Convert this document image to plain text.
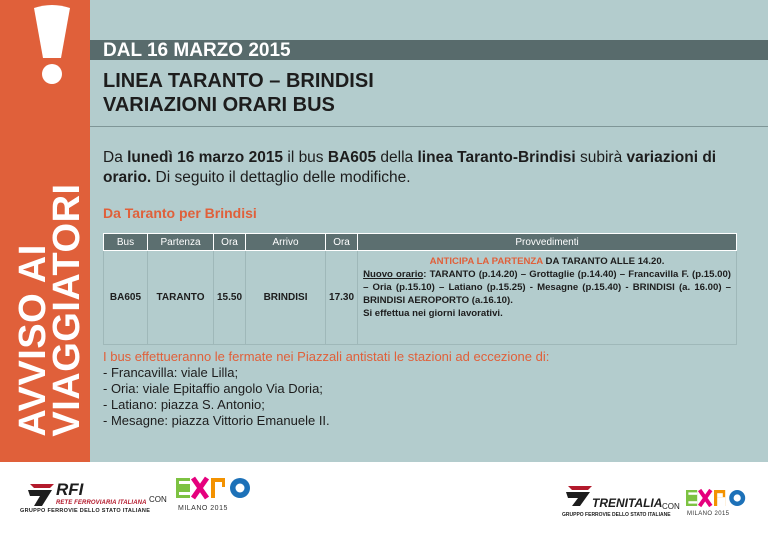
AVVISO AI
VIAGGIATORI
DAL 16 MARZO 2015
LINEA TARANTO – BRINDISI
VARIAZIONI ORARI BUS
Da lunedì 16 marzo 2015 il bus BA605 della linea Taranto-Brindisi subirà variazioni di orario. Di seguito il dettaglio delle modifiche.
Da Taranto per Brindisi
Bus	Partenza	Ora	Arrivo	Ora	Provvedimenti
BA605	TARANTO	15.50	BRINDISI	17.30	ANTICIPA LA PARTENZA DA TARANTO ALLE 14.20.
Nuovo orario: TARANTO (p.14.20) – Grottaglie (p.14.40) – Francavilla F. (p.15.00) – Oria (p.15.10) – Latiano (p.15.25) - Mesagne (p.15.40) - BRINDISI (a. 16.00) – BRINDISI AEROPORTO (a.16.10).
Si effettua nei giorni lavorativi.
I bus effettueranno le fermate nei Piazzali antistati le stazioni ad eccezione di:
- Francavilla: viale Lilla;
- Oria: viale Epitaffio angolo Via Doria;
- Latiano: piazza S. Antonio;
- Mesagne: piazza Vittorio Emanuele II.
RFI
RETE FERROVIARIA ITALIANA
GRUPPO FERROVIE DELLO STATO ITALIANE
CON
MILANO 2015	TRENITALIA
GRUPPO FERROVIE DELLO STATO ITALIANE
CON
MILANO 2015
